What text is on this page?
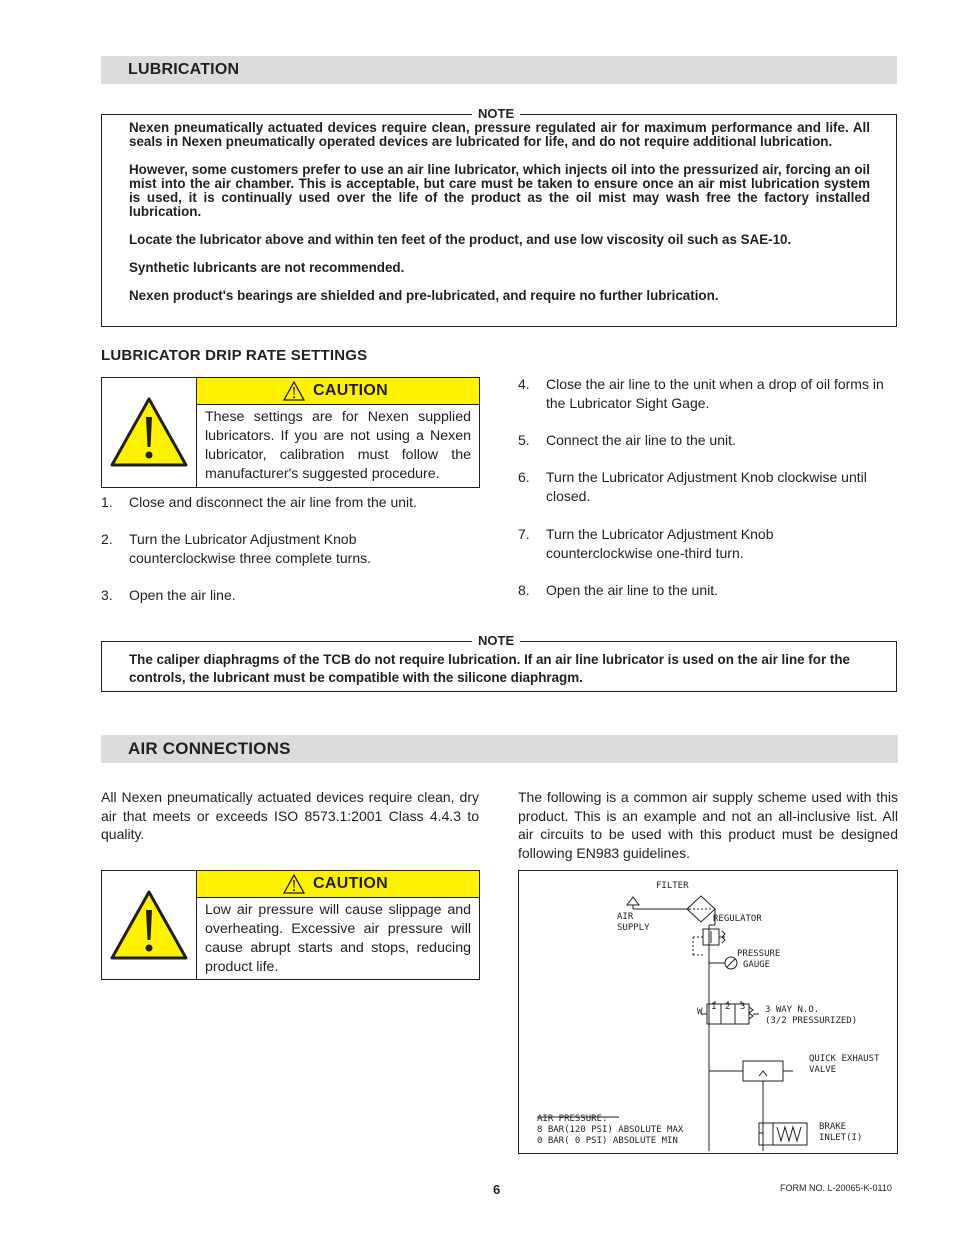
LUBRICATION
NOTE

Nexen pneumatically actuated devices require clean, pressure regulated air for maximum performance and life. All seals in Nexen pneumatically operated devices are lubricated for life, and do not require additional lubrication.

However, some customers prefer to use an air line lubricator, which injects oil into the pressurized air, forcing an oil mist into the air chamber. This is acceptable, but care must be taken to ensure once an air mist lubrication system is used, it is continually used over the life of the product as the oil mist may wash free the factory installed lubrication.

Locate the lubricator above and within ten feet of the product, and use low viscosity oil such as SAE-10.

Synthetic lubricants are not recommended.

Nexen product's bearings are shielded and pre-lubricated, and require no further lubrication.

LUBRICATOR DRIP RATE SETTINGS
CAUTION
These settings are for Nexen supplied lubricators. If you are not using a Nexen lubricator, calibration must follow the manufacturer's suggested procedure.
1. Close and disconnect the air line from the unit.
2. Turn the Lubricator Adjustment Knob counterclockwise three complete turns.
3. Open the air line.
4. Close the air line to the unit when a drop of oil forms in the Lubricator Sight Gage.
5. Connect the air line to the unit.
6. Turn the Lubricator Adjustment Knob clockwise until closed.
7. Turn the Lubricator Adjustment Knob counterclockwise one-third turn.
8. Open the air line to the unit.
NOTE
The caliper diaphragms of the TCB do not require lubrication. If an air line lubricator is used on the air line for the controls, the lubricant must be compatible with the silicone diaphragm.
AIR CONNECTIONS
All Nexen pneumatically actuated devices require clean, dry air that meets or exceeds ISO 8573.1:2001 Class 4.4.3 to quality.
The following is a common air supply scheme used with this product. This is an example and not an all-inclusive list. All air circuits to be used with this product must be designed following EN983 guidelines.
CAUTION
Low air pressure will cause slippage and overheating. Excessive air pressure will cause abrupt starts and stops, reducing product life.
FILTER
AIR
SUPPLY
REGULATOR
PRESSURE
GAUGE
W 1 2 3 3 WAY N.O.
(3/2 PRESSURIZED)
QUICK EXHAUST
VALVE
AIR PRESSURE:
8 BAR(120 PSI) ABSOLUTE MAX
0 BAR( 0 PSI) ABSOLUTE MIN
BRAKE
INLET(I)
6	FORM NO. L-20065-K-0110
